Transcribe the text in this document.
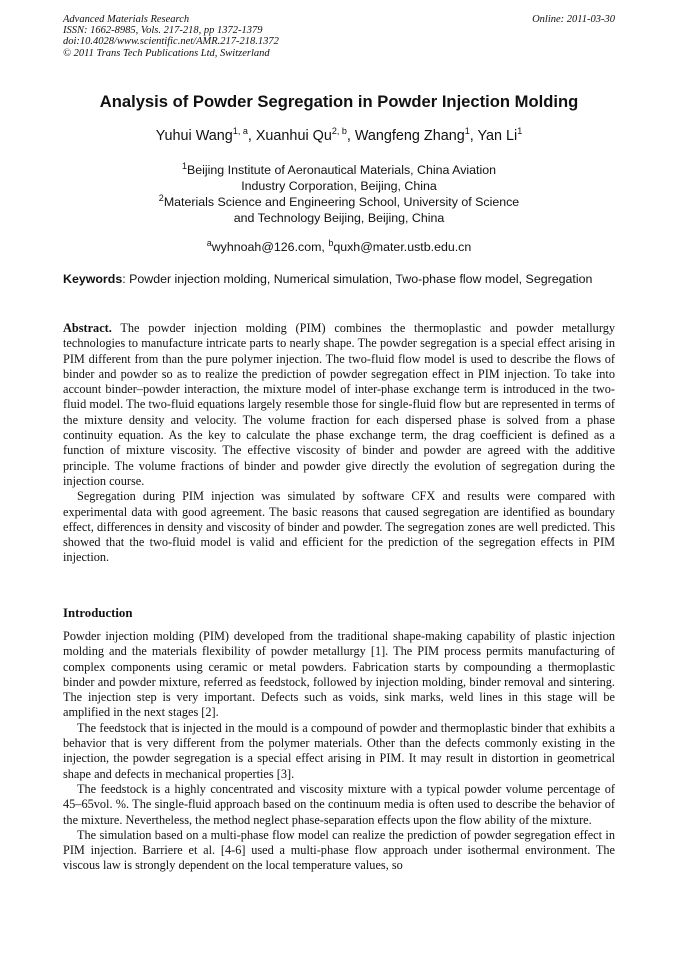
Advanced Materials Research
ISSN: 1662-8985, Vols. 217-218, pp 1372-1379
doi:10.4028/www.scientific.net/AMR.217-218.1372
© 2011 Trans Tech Publications Ltd, Switzerland
Online: 2011-03-30
Analysis of Powder Segregation in Powder Injection Molding
Yuhui Wang$^{1, a}$, Xuanhui Qu$^{2, b}$, Wangfeng Zhang$^1$, Yan Li$^1$
$^1$Beijing Institute of Aeronautical Materials, China Aviation
Industry Corporation, Beijing, China
$^2$Materials Science and Engineering School, University of Science
and Technology Beijing, Beijing, China
$^a$wyhnoah@126.com, $^b$quxh@mater.ustb.edu.cn
Keywords: Powder injection molding, Numerical simulation, Two-phase flow model, Segregation

Abstract. The powder injection molding (PIM) combines the thermoplastic and powder metallurgy technologies to manufacture intricate parts to nearly shape. The powder segregation is a special effect arising in PIM different from than the pure polymer injection. The two-fluid flow model is used to describe the flows of binder and powder so as to realize the prediction of powder segregation effect in PIM injection. To take into account binder–powder interaction, the mixture model of inter-phase exchange term is introduced in the two-fluid model. The two-fluid equations largely resemble those for single-fluid flow but are represented in terms of the mixture density and velocity. The volume fraction for each dispersed phase is solved from a phase continuity equation. As the key to calculate the phase exchange term, the drag coefficient is defined as a function of mixture viscosity. The effective viscosity of binder and powder are agreed with the additive principle. The volume fractions of binder and powder give directly the evolution of segregation during the injection course.

Segregation during PIM injection was simulated by software CFX and results were compared with experimental data with good agreement. The basic reasons that caused segregation are identified as boundary effect, differences in density and viscosity of binder and powder. The segregation zones are well predicted. This showed that the two-fluid model is valid and efficient for the prediction of the segregation effects in PIM injection.

Introduction

Powder injection molding (PIM) developed from the traditional shape-making capability of plastic injection molding and the materials flexibility of powder metallurgy [1]. The PIM process permits manufacturing of complex components using ceramic or metal powders. Fabrication starts by compounding a thermoplastic binder and powder mixture, referred as feedstock, followed by injection molding, binder removal and sintering. The injection step is very important. Defects such as voids, sink marks, weld lines in this stage will be amplified in the next stages [2].

The feedstock that is injected in the mould is a compound of powder and thermoplastic binder that exhibits a behavior that is very different from the polymer materials. Other than the defects commonly existing in the injection, the powder segregation is a special effect arising in PIM. It may result in distortion in geometrical shape and defects in mechanical properties [3].

The feedstock is a highly concentrated and viscosity mixture with a typical powder volume percentage of 45–65vol. %. The single-fluid approach based on the continuum media is often used to describe the behavior of the mixture. Nevertheless, the method neglect phase-separation effects upon the flow ability of the mixture.

The simulation based on a multi-phase flow model can realize the prediction of powder segregation effect in PIM injection. Barriere et al. [4-6] used a multi-phase flow approach under isothermal environment. The viscous law is strongly dependent on the local temperature values, so
